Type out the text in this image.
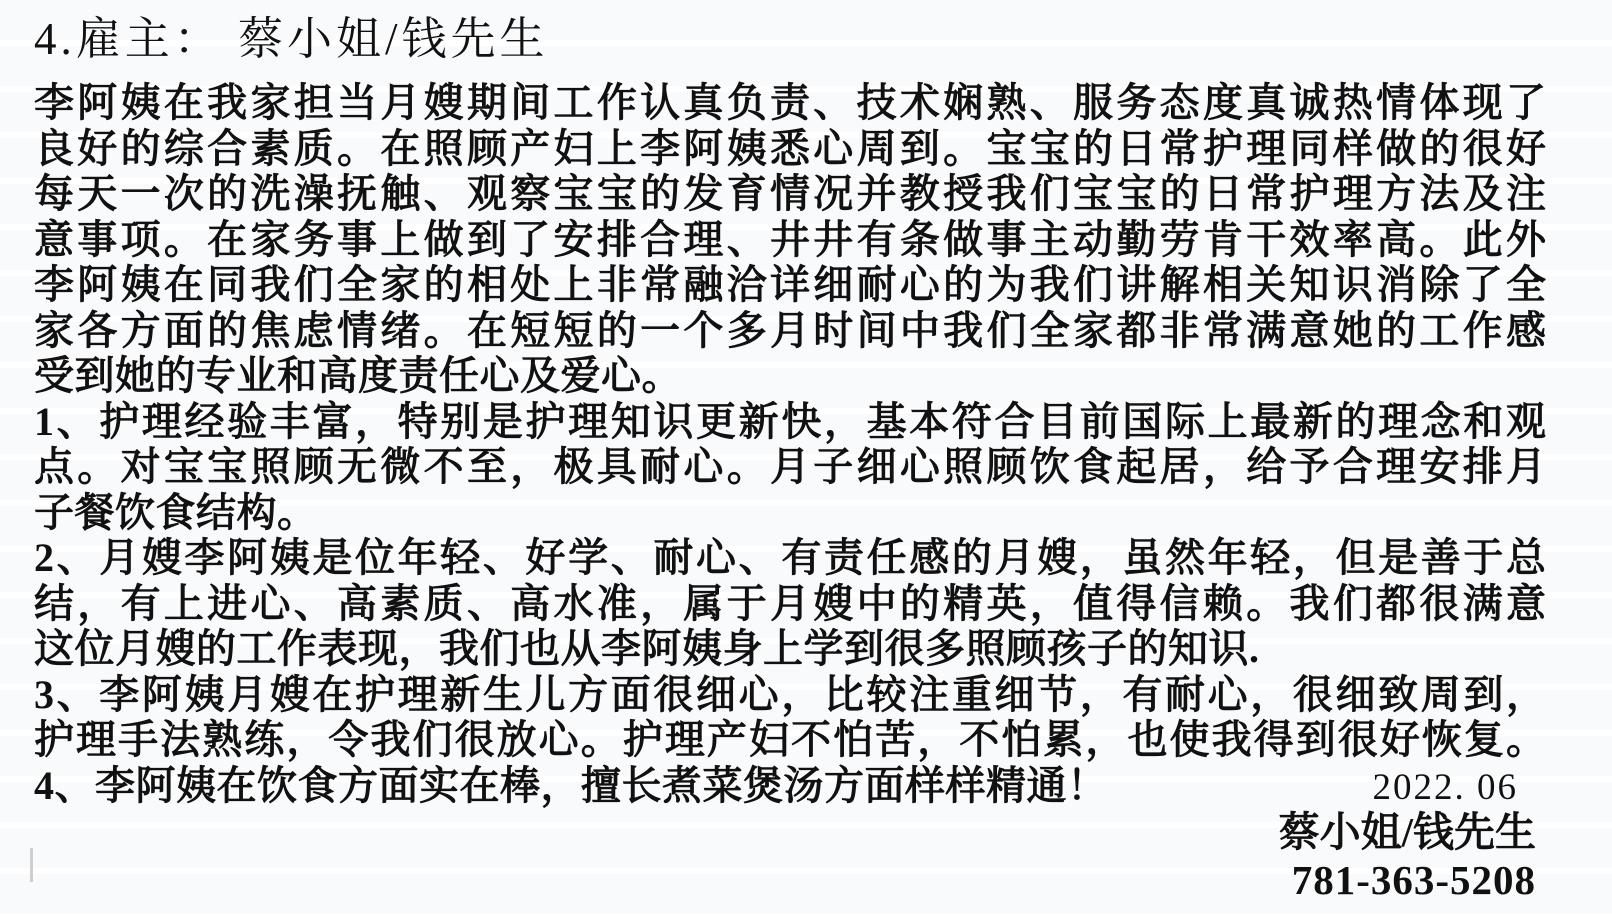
4.雇主： 蔡小姐/钱先生
李阿姨在我家担当月嫂期间工作认真负责、技术娴熟、服务态度真诚热情体现了
良好的综合素质。在照顾产妇上李阿姨悉心周到。宝宝的日常护理同样做的很好
每天一次的洗澡抚触、观察宝宝的发育情况并教授我们宝宝的日常护理方法及注
意事项。在家务事上做到了安排合理、井井有条做事主动勤劳肯干效率高。此外
李阿姨在同我们全家的相处上非常融洽详细耐心的为我们讲解相关知识消除了全
家各方面的焦虑情绪。在短短的一个多月时间中我们全家都非常满意她的工作感
受到她的专业和高度责任心及爱心。
1、护理经验丰富，特别是护理知识更新快，基本符合目前国际上最新的理念和观
点。对宝宝照顾无微不至，极具耐心。月子细心照顾饮食起居，给予合理安排月
子餐饮食结构。
2、月嫂李阿姨是位年轻、好学、耐心、有责任感的月嫂，虽然年轻，但是善于总
结，有上进心、高素质、高水准，属于月嫂中的精英，值得信赖。我们都很满意
这位月嫂的工作表现，我们也从李阿姨身上学到很多照顾孩子的知识.
3、李阿姨月嫂在护理新生儿方面很细心，比较注重细节，有耐心，很细致周到，
护理手法熟练，令我们很放心。护理产妇不怕苦，不怕累，也使我得到很好恢复。
4、李阿姨在饮食方面实在棒，擅长煮菜煲汤方面样样精通！	2022. 06
蔡小姐/钱先生
781-363-5208
